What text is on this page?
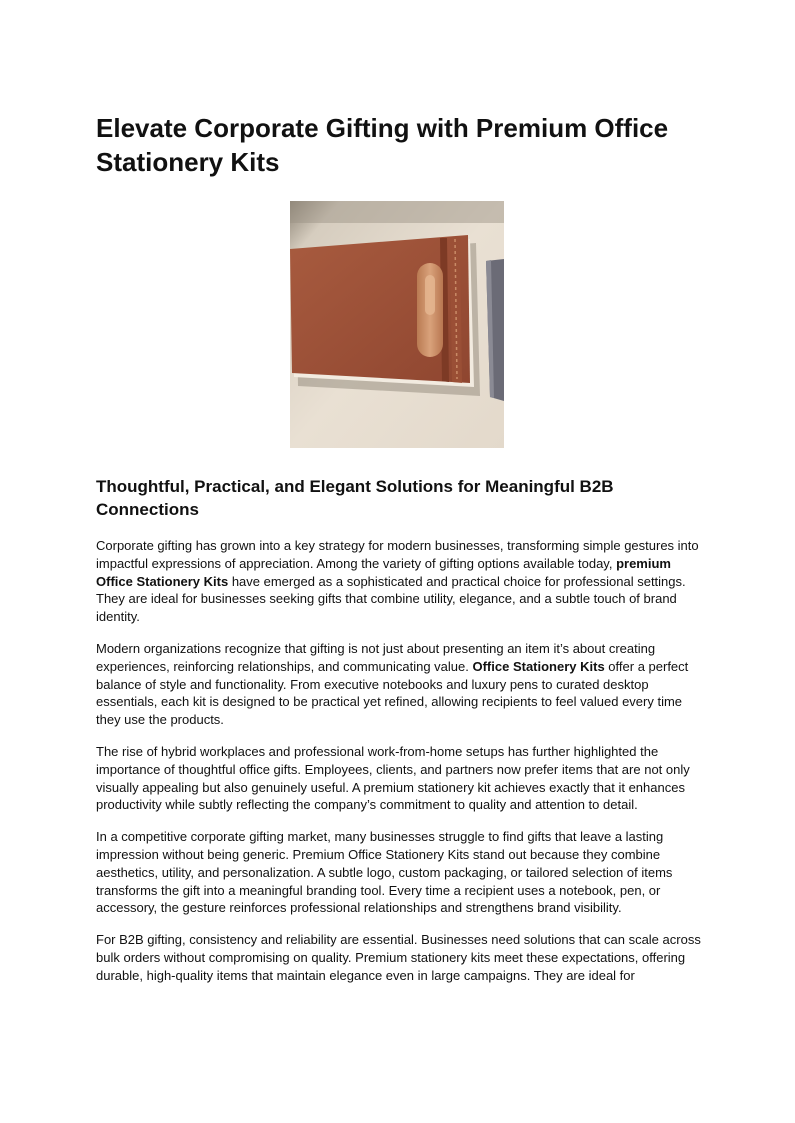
Elevate Corporate Gifting with Premium Office Stationery Kits
Thoughtful, Practical, and Elegant Solutions for Meaningful B2B Connections

Corporate gifting has grown into a key strategy for modern businesses, transforming simple gestures into impactful expressions of appreciation. Among the variety of gifting options available today, premium Office Stationery Kits have emerged as a sophisticated and practical choice for professional settings. They are ideal for businesses seeking gifts that combine utility, elegance, and a subtle touch of brand identity.

Modern organizations recognize that gifting is not just about presenting an item it’s about creating experiences, reinforcing relationships, and communicating value. Office Stationery Kits offer a perfect balance of style and functionality. From executive notebooks and luxury pens to curated desktop essentials, each kit is designed to be practical yet refined, allowing recipients to feel valued every time they use the products.

The rise of hybrid workplaces and professional work-from-home setups has further highlighted the importance of thoughtful office gifts. Employees, clients, and partners now prefer items that are not only visually appealing but also genuinely useful. A premium stationery kit achieves exactly that it enhances productivity while subtly reflecting the company’s commitment to quality and attention to detail.

In a competitive corporate gifting market, many businesses struggle to find gifts that leave a lasting impression without being generic. Premium Office Stationery Kits stand out because they combine aesthetics, utility, and personalization. A subtle logo, custom packaging, or tailored selection of items transforms the gift into a meaningful branding tool. Every time a recipient uses a notebook, pen, or accessory, the gesture reinforces professional relationships and strengthens brand visibility.

For B2B gifting, consistency and reliability are essential. Businesses need solutions that can scale across bulk orders without compromising on quality. Premium stationery kits meet these expectations, offering durable, high-quality items that maintain elegance even in large campaigns. They are ideal for
